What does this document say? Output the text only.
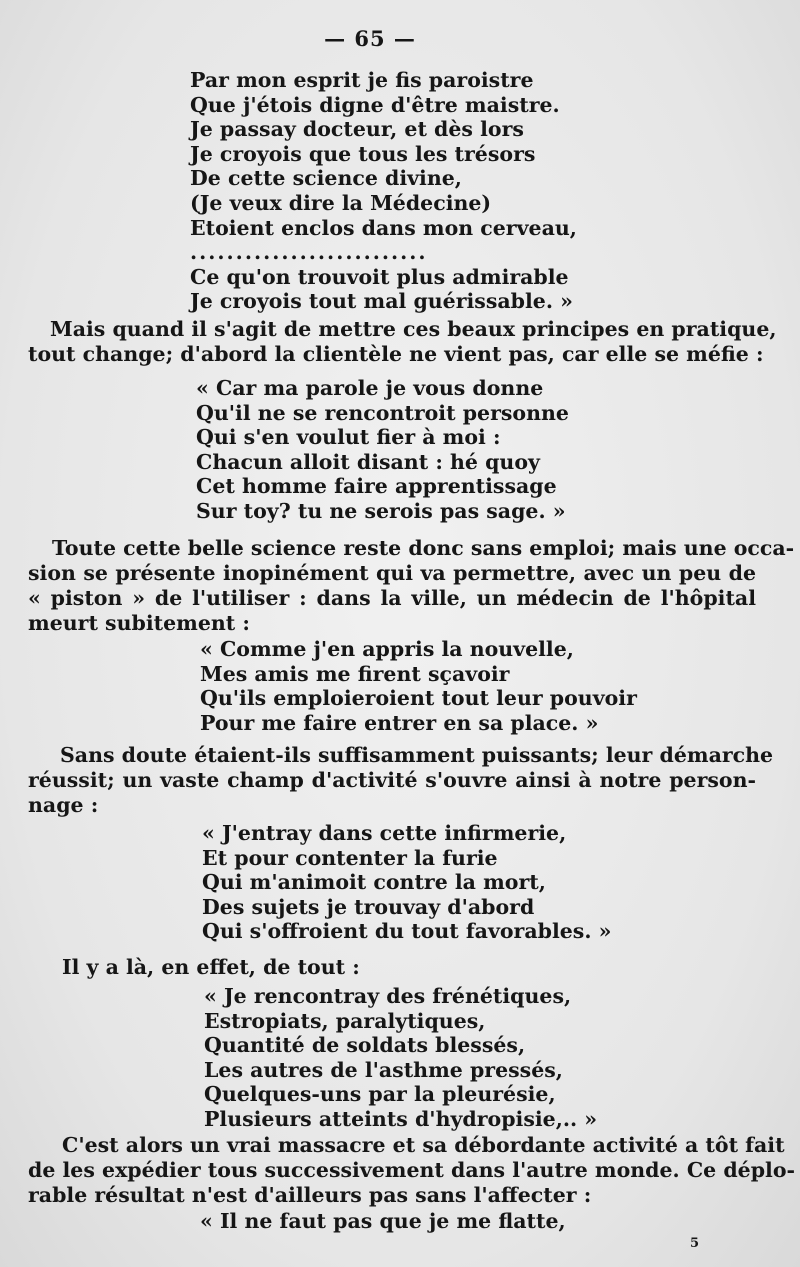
— 65 —
Par mon esprit je fis paroistre
Que j'étois digne d'être maistre.
Je passay docteur, et dès lors
Je croyois que tous les trésors
De cette science divine,
(Je veux dire la Médecine)
Etoient enclos dans mon cerveau,
..........................
Ce qu'on trouvoit plus admirable
Je croyois tout mal guérissable. »
Mais quand il s'agit de mettre ces beaux principes en pratique,
tout change; d'abord la clientèle ne vient pas, car elle se méfie :
« Car ma parole je vous donne
Qu'il ne se rencontroit personne
Qui s'en voulut fier à moi :
Chacun alloit disant : hé quoy
Cet homme faire apprentissage
Sur toy? tu ne serois pas sage. »
Toute cette belle science reste donc sans emploi; mais une occa-
sion se présente inopinément qui va permettre, avec un peu de
« piston » de l'utiliser : dans la ville, un médecin de l'hôpital
meurt subitement :
« Comme j'en appris la nouvelle,
Mes amis me firent sçavoir
Qu'ils emploieroient tout leur pouvoir
Pour me faire entrer en sa place. »
Sans doute étaient-ils suffisamment puissants; leur démarche
réussit; un vaste champ d'activité s'ouvre ainsi à notre person-
nage :
« J'entray dans cette infirmerie,
Et pour contenter la furie
Qui m'animoit contre la mort,
Des sujets je trouvay d'abord
Qui s'offroient du tout favorables. »
Il y a là, en effet, de tout :
« Je rencontray des frénétiques,
Estropiats, paralytiques,
Quantité de soldats blessés,
Les autres de l'asthme pressés,
Quelques-uns par la pleurésie,
Plusieurs atteints d'hydropisie,.. »
C'est alors un vrai massacre et sa débordante activité a tôt fait
de les expédier tous successivement dans l'autre monde. Ce déplo-
rable résultat n'est d'ailleurs pas sans l'affecter :
« Il ne faut pas que je me flatte,
5
